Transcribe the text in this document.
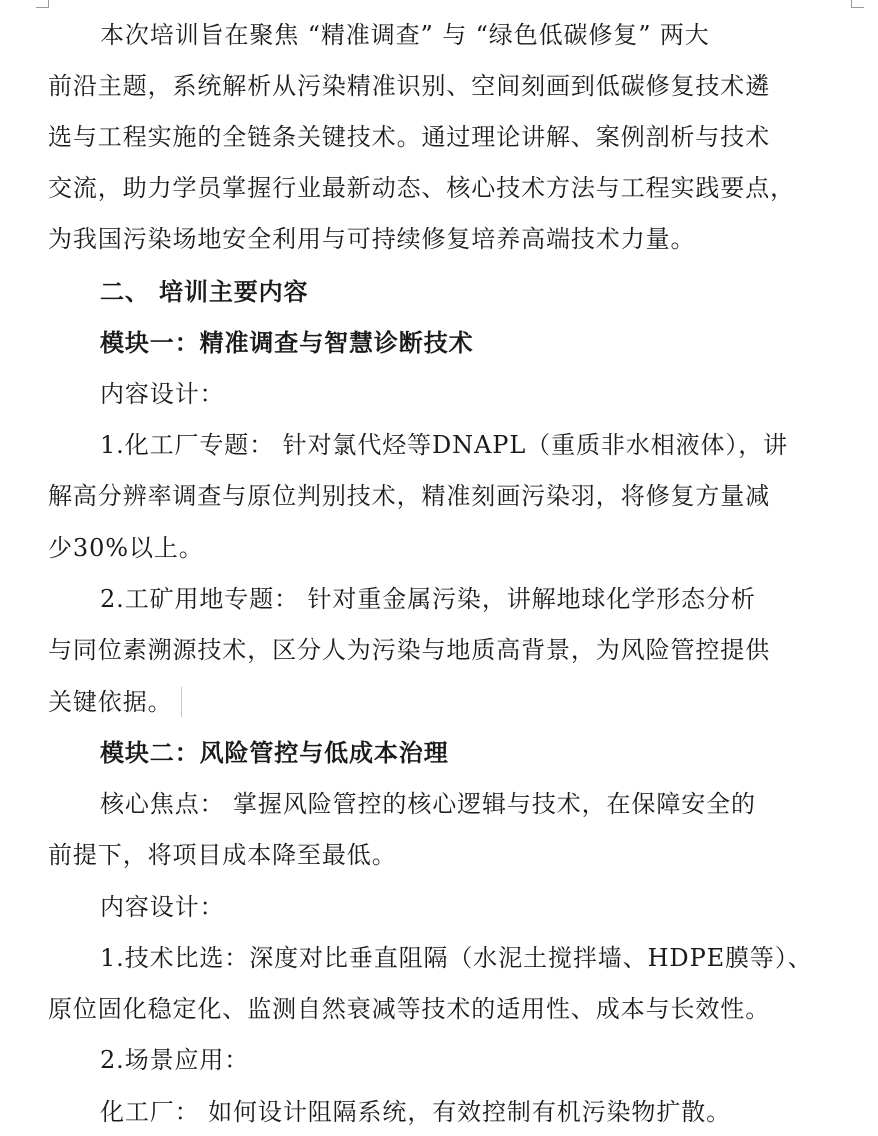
本次培训旨在聚焦 “精准调查” 与 “绿色低碳修复” 两大
前沿主题，系统解析从污染精准识别、空间刻画到低碳修复技术遴
选与工程实施的全链条关键技术。通过理论讲解、案例剖析与技术
交流，助力学员掌握行业最新动态、核心技术方法与工程实践要点，
为我国污染场地安全利用与可持续修复培养高端技术力量。
二、 培训主要内容
模块一：精准调查与智慧诊断技术
内容设计：
1.化工厂专题： 针对氯代烃等DNAPL（重质非水相液体），讲
解高分辨率调查与原位判别技术，精准刻画污染羽，将修复方量减
少30%以上。
2.工矿用地专题： 针对重金属污染，讲解地球化学形态分析
与同位素溯源技术，区分人为污染与地质高背景，为风险管控提供
关键依据。
模块二：风险管控与低成本治理
核心焦点： 掌握风险管控的核心逻辑与技术，在保障安全的
前提下，将项目成本降至最低。
内容设计：
1.技术比选：深度对比垂直阻隔（水泥土搅拌墙、HDPE膜等）、
原位固化稳定化、监测自然衰减等技术的适用性、成本与长效性。
2.场景应用：
化工厂： 如何设计阻隔系统，有效控制有机污染物扩散。
